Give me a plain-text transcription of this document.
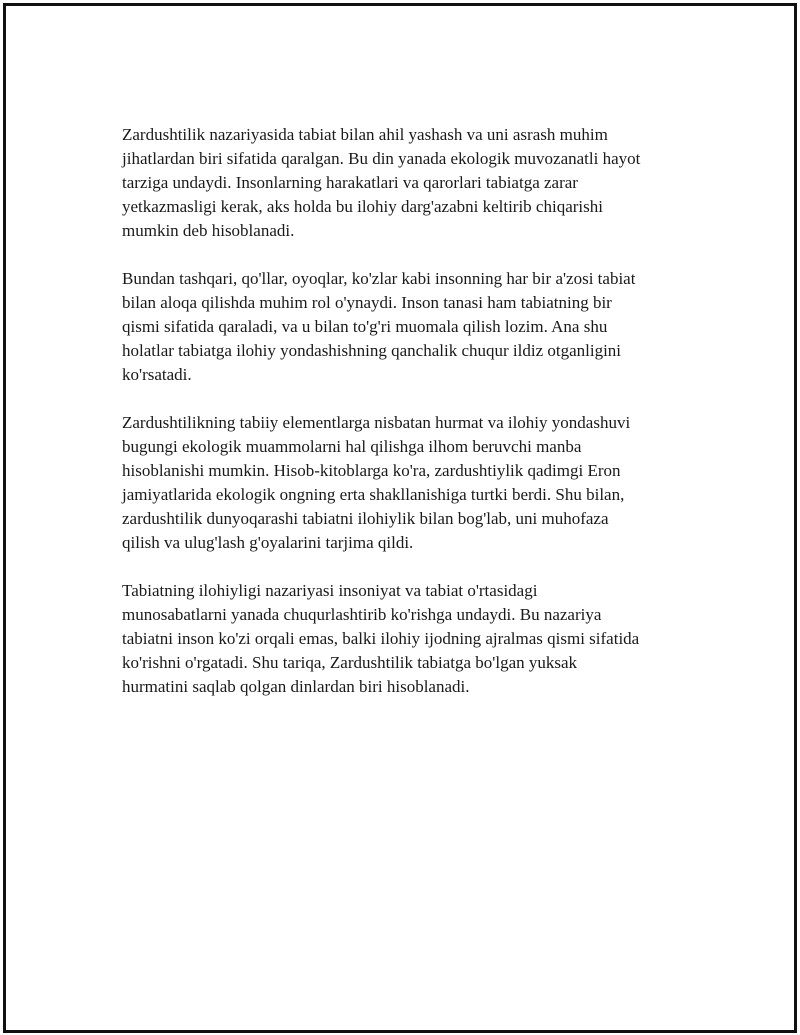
Zardushtilik nazariyasida tabiat bilan ahil yashash va uni asrash muhim
jihatlardan biri sifatida qaralgan. Bu din yanada ekologik muvozanatli hayot
tarziga undaydi. Insonlarning harakatlari va qarorlari tabiatga zarar
yetkazmasligi kerak, aks holda bu ilohiy darg'azabni keltirib chiqarishi
mumkin deb hisoblanadi.

Bundan tashqari, qo'llar, oyoqlar, ko'zlar kabi insonning har bir a'zosi tabiat
bilan aloqa qilishda muhim rol o'ynaydi. Inson tanasi ham tabiatning bir
qismi sifatida qaraladi, va u bilan to'g'ri muomala qilish lozim. Ana shu
holatlar tabiatga ilohiy yondashishning qanchalik chuqur ildiz otganligini
ko'rsatadi.

Zardushtilikning tabiiy elementlarga nisbatan hurmat va ilohiy yondashuvi
bugungi ekologik muammolarni hal qilishga ilhom beruvchi manba
hisoblanishi mumkin. Hisob-kitoblarga ko'ra, zardushtiylik qadimgi Eron
jamiyatlarida ekologik ongning erta shakllanishiga turtki berdi. Shu bilan,
zardushtilik dunyoqarashi tabiatni ilohiylik bilan bog'lab, uni muhofaza
qilish va ulug'lash g'oyalarini tarjima qildi.

Tabiatning ilohiyligi nazariyasi insoniyat va tabiat o'rtasidagi
munosabatlarni yanada chuqurlashtirib ko'rishga undaydi. Bu nazariya
tabiatni inson ko'zi orqali emas, balki ilohiy ijodning ajralmas qismi sifatida
ko'rishni o'rgatadi. Shu tariqa, Zardushtilik tabiatga bo'lgan yuksak
hurmatini saqlab qolgan dinlardan biri hisoblanadi.
